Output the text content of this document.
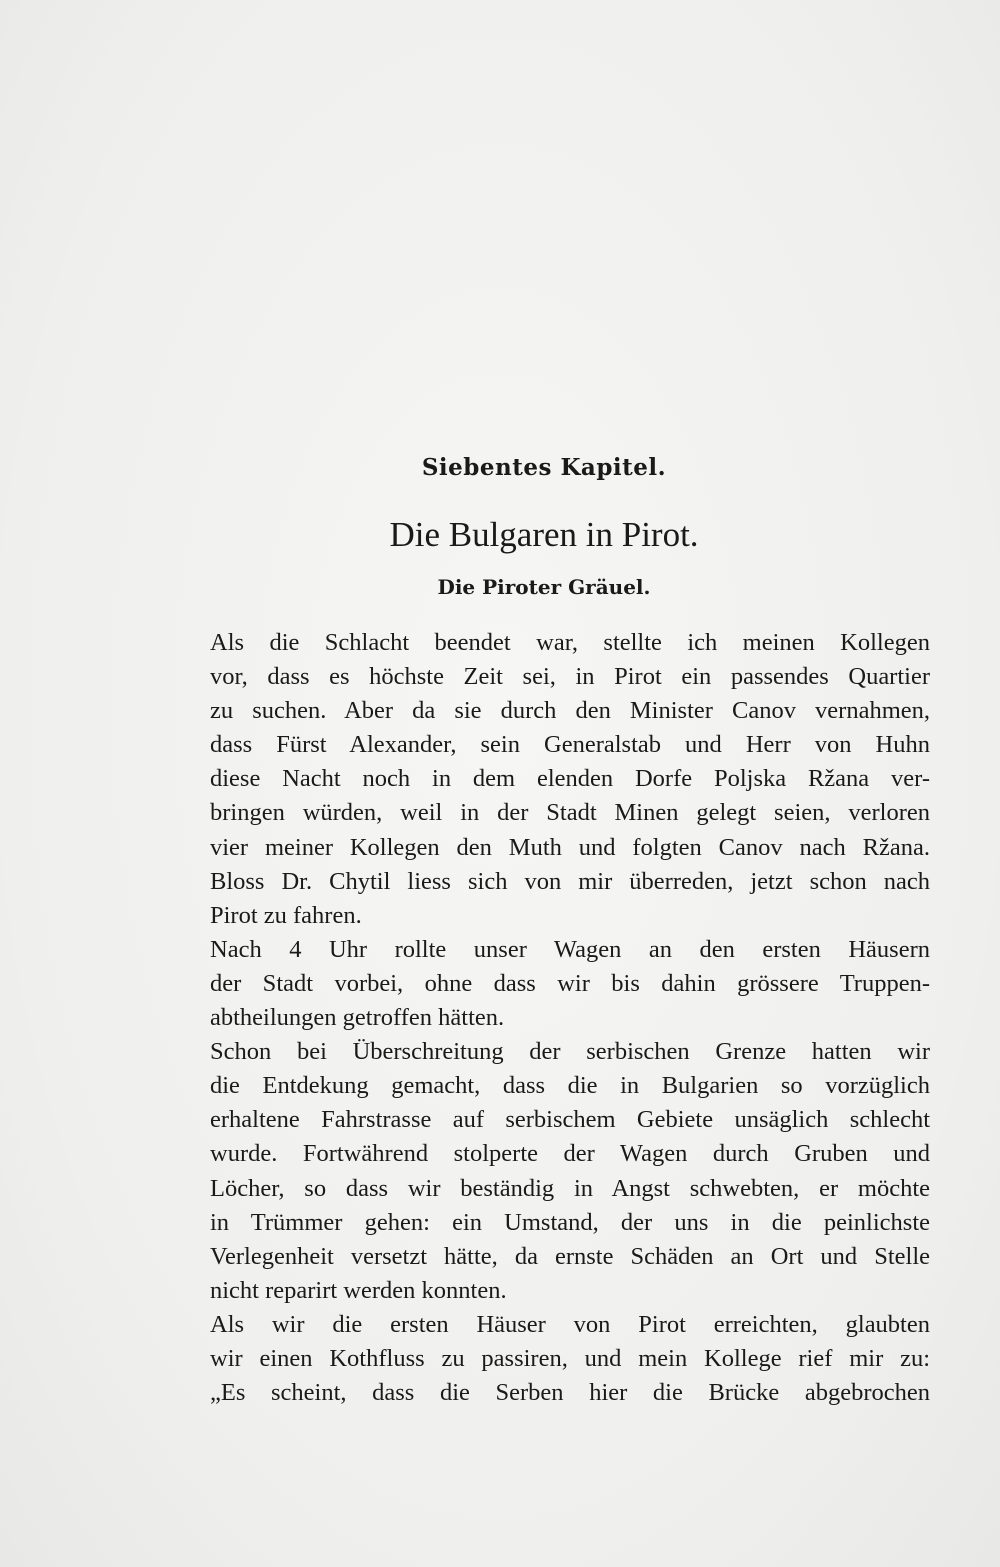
Siebentes Kapitel.
Die Bulgaren in Pirot.
Die Piroter Gräuel.
Als die Schlacht beendet war, stellte ich meinen Kollegen
vor, dass es höchste Zeit sei, in Pirot ein passendes Quartier
zu suchen. Aber da sie durch den Minister Canov vernahmen,
dass Fürst Alexander, sein Generalstab und Herr von Huhn
diese Nacht noch in dem elenden Dorfe Poljska Ržana ver-
bringen würden, weil in der Stadt Minen gelegt seien, verloren
vier meiner Kollegen den Muth und folgten Canov nach Ržana.
Bloss Dr. Chytil liess sich von mir überreden, jetzt schon nach
Pirot zu fahren.
Nach 4 Uhr rollte unser Wagen an den ersten Häusern
der Stadt vorbei, ohne dass wir bis dahin grössere Truppen-
abtheilungen getroffen hätten.
Schon bei Überschreitung der serbischen Grenze hatten wir
die Entdekung gemacht, dass die in Bulgarien so vorzüglich
erhaltene Fahrstrasse auf serbischem Gebiete unsäglich schlecht
wurde. Fortwährend stolperte der Wagen durch Gruben und
Löcher, so dass wir beständig in Angst schwebten, er möchte
in Trümmer gehen: ein Umstand, der uns in die peinlichste
Verlegenheit versetzt hätte, da ernste Schäden an Ort und Stelle
nicht reparirt werden konnten.
Als wir die ersten Häuser von Pirot erreichten, glaubten
wir einen Kothfluss zu passiren, und mein Kollege rief mir zu:
„Es scheint, dass die Serben hier die Brücke abgebrochen
